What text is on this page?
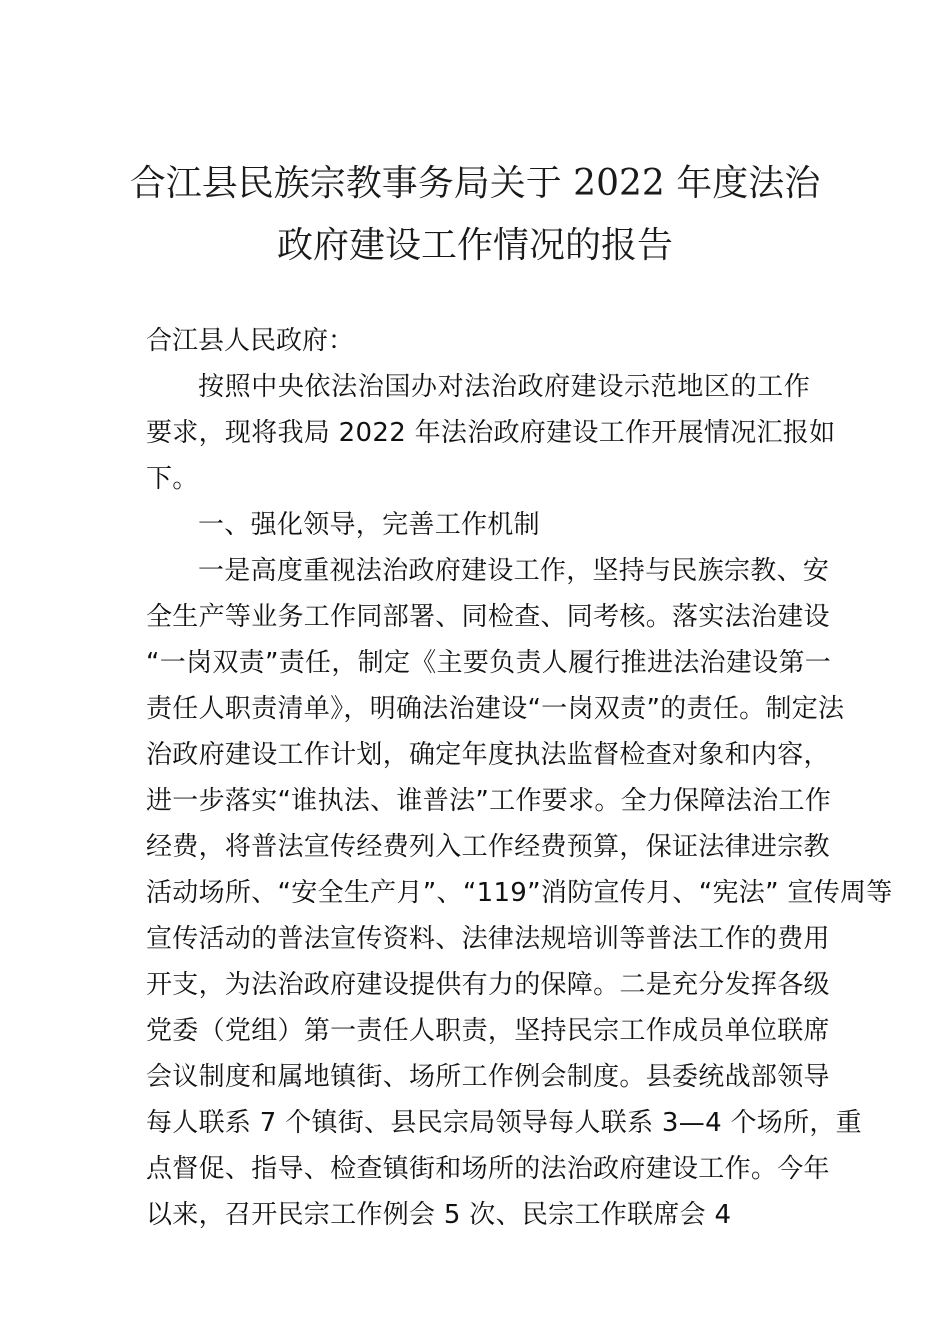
合江县民族宗教事务局关于 2022 年度法治
政府建设工作情况的报告
合江县人民政府：
按照中央依法治国办对法治政府建设示范地区的工作
要求，现将我局 2022 年法治政府建设工作开展情况汇报如
下。
一、强化领导，完善工作机制
一是高度重视法治政府建设工作，坚持与民族宗教、安
全生产等业务工作同部署、同检查、同考核。落实法治建设
“一岗双责”责任，制定《主要负责人履行推进法治建设第一
责任人职责清单》，明确法治建设“一岗双责”的责任。制定法
治政府建设工作计划，确定年度执法监督检查对象和内容，
进一步落实“谁执法、谁普法”工作要求。全力保障法治工作
经费，将普法宣传经费列入工作经费预算，保证法律进宗教
活动场所、“安全生产月”、“119”消防宣传月、“宪法” 宣传周等
宣传活动的普法宣传资料、法律法规培训等普法工作的费用
开支，为法治政府建设提供有力的保障。二是充分发挥各级
党委（党组）第一责任人职责，坚持民宗工作成员单位联席
会议制度和属地镇街、场所工作例会制度。县委统战部领导
每人联系 7 个镇街、县民宗局领导每人联系 3—4 个场所，重
点督促、指导、检查镇街和场所的法治政府建设工作。今年
以来，召开民宗工作例会 5 次、民宗工作联席会 4
